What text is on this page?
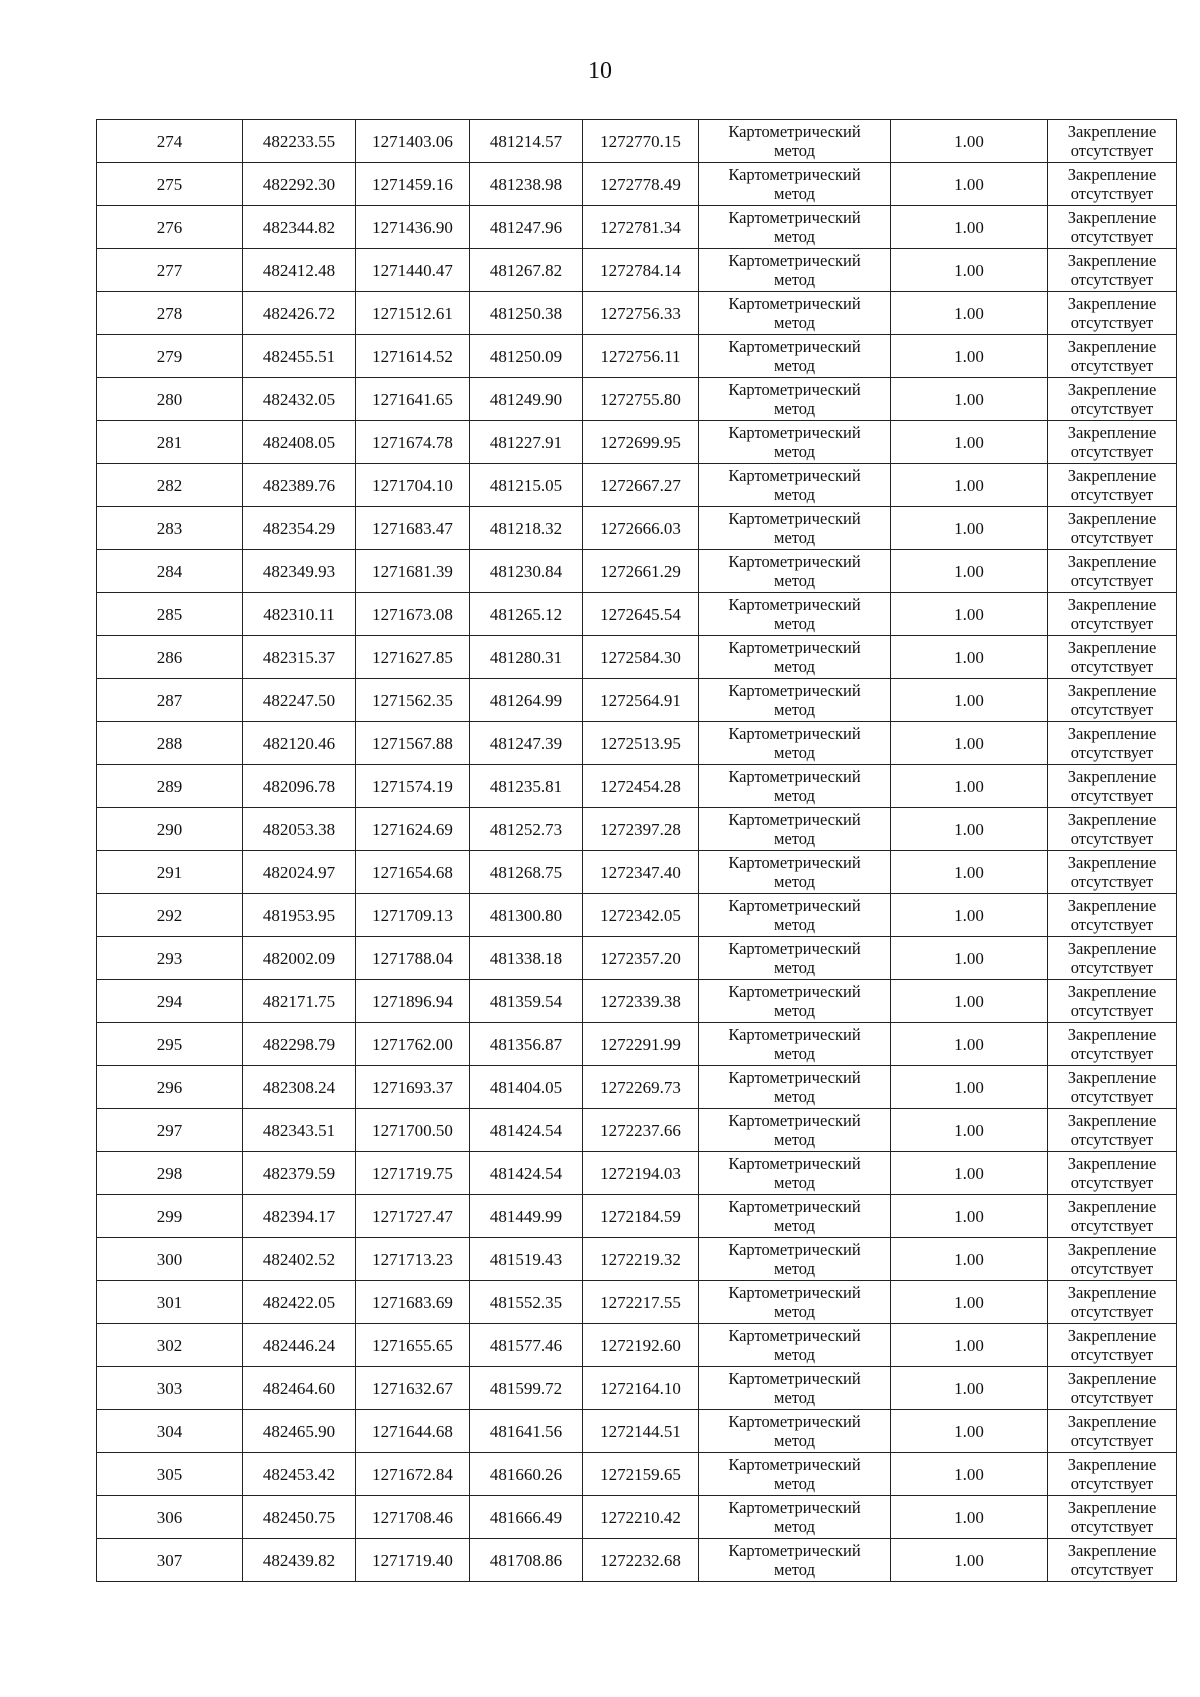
10
274	482233.55	1271403.06	481214.57	1272770.15	Картометрический
метод	1.00	Закрепление
отсутствует

275	482292.30	1271459.16	481238.98	1272778.49	Картометрический
метод	1.00	Закрепление
отсутствует

276	482344.82	1271436.90	481247.96	1272781.34	Картометрический
метод	1.00	Закрепление
отсутствует

277	482412.48	1271440.47	481267.82	1272784.14	Картометрический
метод	1.00	Закрепление
отсутствует

278	482426.72	1271512.61	481250.38	1272756.33	Картометрический
метод	1.00	Закрепление
отсутствует

279	482455.51	1271614.52	481250.09	1272756.11	Картометрический
метод	1.00	Закрепление
отсутствует

280	482432.05	1271641.65	481249.90	1272755.80	Картометрический
метод	1.00	Закрепление
отсутствует

281	482408.05	1271674.78	481227.91	1272699.95	Картометрический
метод	1.00	Закрепление
отсутствует

282	482389.76	1271704.10	481215.05	1272667.27	Картометрический
метод	1.00	Закрепление
отсутствует

283	482354.29	1271683.47	481218.32	1272666.03	Картометрический
метод	1.00	Закрепление
отсутствует

284	482349.93	1271681.39	481230.84	1272661.29	Картометрический
метод	1.00	Закрепление
отсутствует

285	482310.11	1271673.08	481265.12	1272645.54	Картометрический
метод	1.00	Закрепление
отсутствует

286	482315.37	1271627.85	481280.31	1272584.30	Картометрический
метод	1.00	Закрепление
отсутствует

287	482247.50	1271562.35	481264.99	1272564.91	Картометрический
метод	1.00	Закрепление
отсутствует

288	482120.46	1271567.88	481247.39	1272513.95	Картометрический
метод	1.00	Закрепление
отсутствует

289	482096.78	1271574.19	481235.81	1272454.28	Картометрический
метод	1.00	Закрепление
отсутствует

290	482053.38	1271624.69	481252.73	1272397.28	Картометрический
метод	1.00	Закрепление
отсутствует

291	482024.97	1271654.68	481268.75	1272347.40	Картометрический
метод	1.00	Закрепление
отсутствует

292	481953.95	1271709.13	481300.80	1272342.05	Картометрический
метод	1.00	Закрепление
отсутствует

293	482002.09	1271788.04	481338.18	1272357.20	Картометрический
метод	1.00	Закрепление
отсутствует

294	482171.75	1271896.94	481359.54	1272339.38	Картометрический
метод	1.00	Закрепление
отсутствует

295	482298.79	1271762.00	481356.87	1272291.99	Картометрический
метод	1.00	Закрепление
отсутствует

296	482308.24	1271693.37	481404.05	1272269.73	Картометрический
метод	1.00	Закрепление
отсутствует

297	482343.51	1271700.50	481424.54	1272237.66	Картометрический
метод	1.00	Закрепление
отсутствует

298	482379.59	1271719.75	481424.54	1272194.03	Картометрический
метод	1.00	Закрепление
отсутствует

299	482394.17	1271727.47	481449.99	1272184.59	Картометрический
метод	1.00	Закрепление
отсутствует

300	482402.52	1271713.23	481519.43	1272219.32	Картометрический
метод	1.00	Закрепление
отсутствует

301	482422.05	1271683.69	481552.35	1272217.55	Картометрический
метод	1.00	Закрепление
отсутствует

302	482446.24	1271655.65	481577.46	1272192.60	Картометрический
метод	1.00	Закрепление
отсутствует

303	482464.60	1271632.67	481599.72	1272164.10	Картометрический
метод	1.00	Закрепление
отсутствует

304	482465.90	1271644.68	481641.56	1272144.51	Картометрический
метод	1.00	Закрепление
отсутствует

305	482453.42	1271672.84	481660.26	1272159.65	Картометрический
метод	1.00	Закрепление
отсутствует

306	482450.75	1271708.46	481666.49	1272210.42	Картометрический
метод	1.00	Закрепление
отсутствует

307	482439.82	1271719.40	481708.86	1272232.68	Картометрический
метод	1.00	Закрепление
отсутствует
